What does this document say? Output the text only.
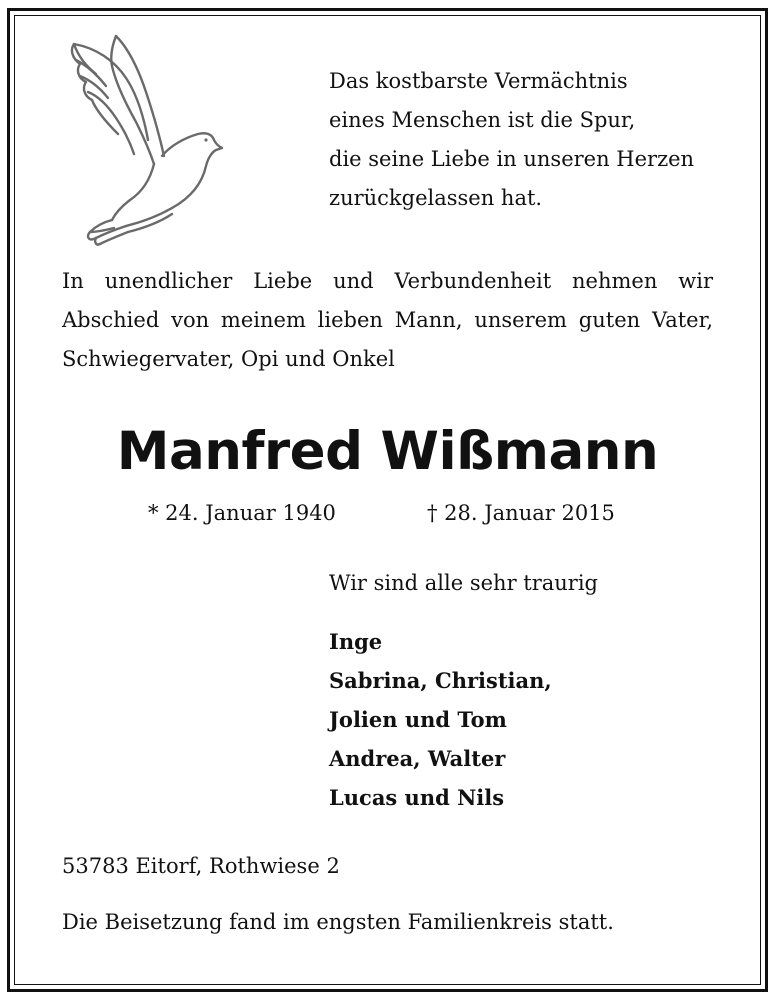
Das kostbarste Vermächtnis
eines Menschen ist die Spur,
die seine Liebe in unseren Herzen
zurückgelassen hat.
In unendlicher Liebe und Verbundenheit nehmen wir
Abschied von meinem lieben Mann, unserem guten Vater,
Schwiegervater, Opi und Onkel
Manfred Wißmann
* 24. Januar 1940	† 28. Januar 2015
Wir sind alle sehr traurig
Inge
Sabrina, Christian,
Jolien und Tom
Andrea, Walter
Lucas und Nils
53783 Eitorf, Rothwiese 2
Die Beisetzung fand im engsten Familienkreis statt.
